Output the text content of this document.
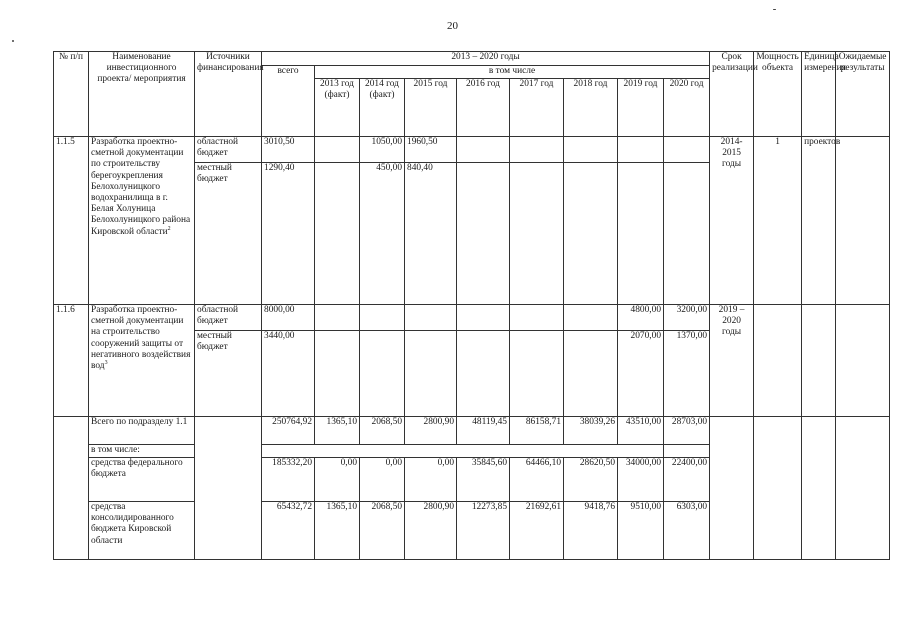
20
№ п/п	Наименование инвестиционного проекта/ мероприятия	Источники финансирования	2013 – 2020 годы									Срок реализации	Мощность объекта	Единица измерения	Ожидаемые результаты
			всего	в том числе											
				2013 год (факт)	2014 год (факт)	2015 год	2016 год	2017 год	2018 год	2019 год	2020 год				
1.1.5	Разработка проектно-сметной документации по строительству берегоукрепления Белохолуницкого водохранилища в г. Белая Холуница Белохолуницкого района Кировской области$^2$	областной бюджет	3010,50		1050,00	1960,50						2014-2015 годы	1	проектов	
		местный бюджет	1290,40		450,00	840,40									
1.1.6	Разработка проектно-сметной документации на строительство сооружений защиты от негативного воздействия вод$^3$	областной бюджет	8000,00							4800,00	3200,00	2019 – 2020 годы			
		местный бюджет	3440,00							2070,00	1370,00				
	Всего по подразделу 1.1		250764,92	1365,10	2068,50	2800,90	48119,45	86158,71	38039,26	43510,00	28703,00				
	в том числе:														
	средства федерального бюджета		185332,20	0,00	0,00	0,00	35845,60	64466,10	28620,50	34000,00	22400,00				
	средства консолидированного бюджета Кировской области		65432,72	1365,10	2068,50	2800,90	12273,85	21692,61	9418,76	9510,00	6303,00				
